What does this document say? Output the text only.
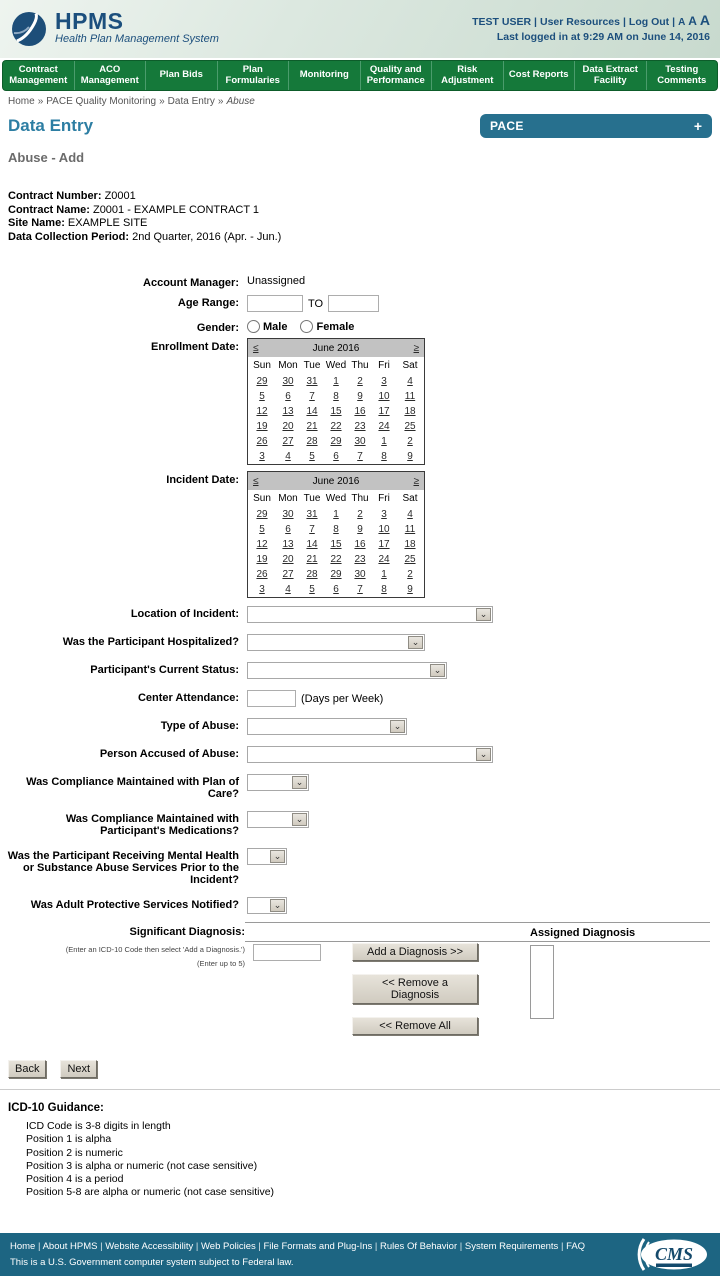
HPMS
Health Plan Management System
TEST USER | User Resources | Log Out | A A A
Last logged in at 9:29 AM on June 14, 2016
Contract Management
ACO Management	Plan Bids	Plan Formularies	Monitoring	Quality and Performance
Risk Adjustment	Cost Reports	Data Extract Facility
Testing Comments
Home » PACE Quality Monitoring » Data Entry » Abuse
Data Entry	PACE	+
Abuse - Add
Contract Number: Z0001
Contract Name: Z0001 - EXAMPLE CONTRACT 1
Site Name: EXAMPLE SITE
Data Collection Period: 2nd Quarter, 2016 (Apr. - Jun.)
Account Manager: Unassigned
Age Range:	TO
Gender:	Male	Female
Enrollment Date:	≤	June 2016					≥
Sun	Mon	Tue	Wed	Thu	Fri	Sat
29	30	31	1	2	3	4
5	6	7	8	9	10	11
12	13	14	15	16	17	18
19	20	21	22	23	24	25
26	27	28	29	30	1	2
3	4	5	6	7	8	9
Incident Date:	≤	June 2016					≥
Sun	Mon	Tue	Wed	Thu	Fri	Sat
29	30	31	1	2	3	4
5	6	7	8	9	10	11
12	13	14	15	16	17	18
19	20	21	22	23	24	25
26	27	28	29	30	1	2
3	4	5	6	7	8	9
Location of Incident:	⌄
Was the Participant Hospitalized?	⌄
Participant's Current Status:	⌄
Center Attendance:	(Days per Week)
Type of Abuse:	⌄
Person Accused of Abuse:	⌄
Was Compliance Maintained with Plan of Care?
⌄
Was Compliance Maintained with Participant's Medications?
⌄
Was the Participant Receiving Mental Health or Substance Abuse Services Prior to the Incident?
⌄
Was Adult Protective Services Notified?	⌄
Assigned Diagnosis
Significant Diagnosis:
(Enter an ICD-10 Code then select 'Add a Diagnosis.')
(Enter up to 5)
Add a Diagnosis >>
<< Remove a Diagnosis
<< Remove All
Back	Next
ICD-10 Guidance:
ICD Code is 3-8 digits in length
Position 1 is alpha
Position 2 is numeric
Position 3 is alpha or numeric (not case sensitive)
Position 4 is a period
Position 5-8 are alpha or numeric (not case sensitive)
Home | About HPMS | Website Accessibility | Web Policies | File Formats and Plug-Ins | Rules Of Behavior | System Requirements | FAQ
This is a U.S. Government computer system subject to Federal law.	CMS
